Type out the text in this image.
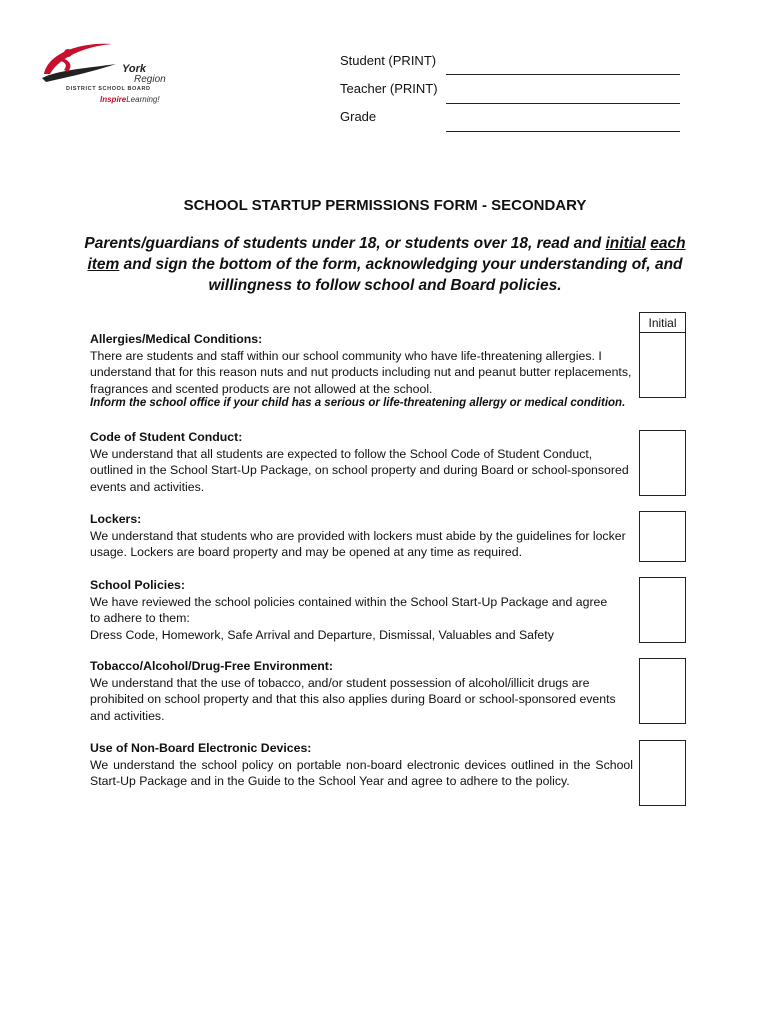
York
Region
DISTRICT SCHOOL BOARD
InspireLearning!
Student (PRINT)
Teacher (PRINT)
Grade
SCHOOL STARTUP PERMISSIONS FORM - SECONDARY
Parents/guardians of students under 18, or students over 18, read and initial each item and sign the bottom of the form, acknowledging your understanding of, and willingness to follow school and Board policies.
Initial
Allergies/Medical Conditions:
There are students and staff within our school community who have life-threatening allergies. I understand that for this reason nuts and nut products including nut and peanut butter replacements, fragrances and scented products are not allowed at the school.
Inform the school office if your child has a serious or life-threatening allergy or medical condition.
Code of Student Conduct:
We understand that all students are expected to follow the School Code of Student Conduct, outlined in the School Start-Up Package, on school property and during Board or school-sponsored events and activities.
Lockers:
We understand that students who are provided with lockers must abide by the guidelines for locker usage. Lockers are board property and may be opened at any time as required.
School Policies:
We have reviewed the school policies contained within the School Start-Up Package and agree to adhere to them:
Dress Code, Homework, Safe Arrival and Departure, Dismissal, Valuables and Safety
Tobacco/Alcohol/Drug-Free Environment:
We understand that the use of tobacco, and/or student possession of alcohol/illicit drugs are prohibited on school property and that this also applies during Board or school-sponsored events and activities.
Use of Non-Board Electronic Devices:
We understand the school policy on portable non-board electronic devices outlined in the School Start-Up Package and in the Guide to the School Year and agree to adhere to the policy.
